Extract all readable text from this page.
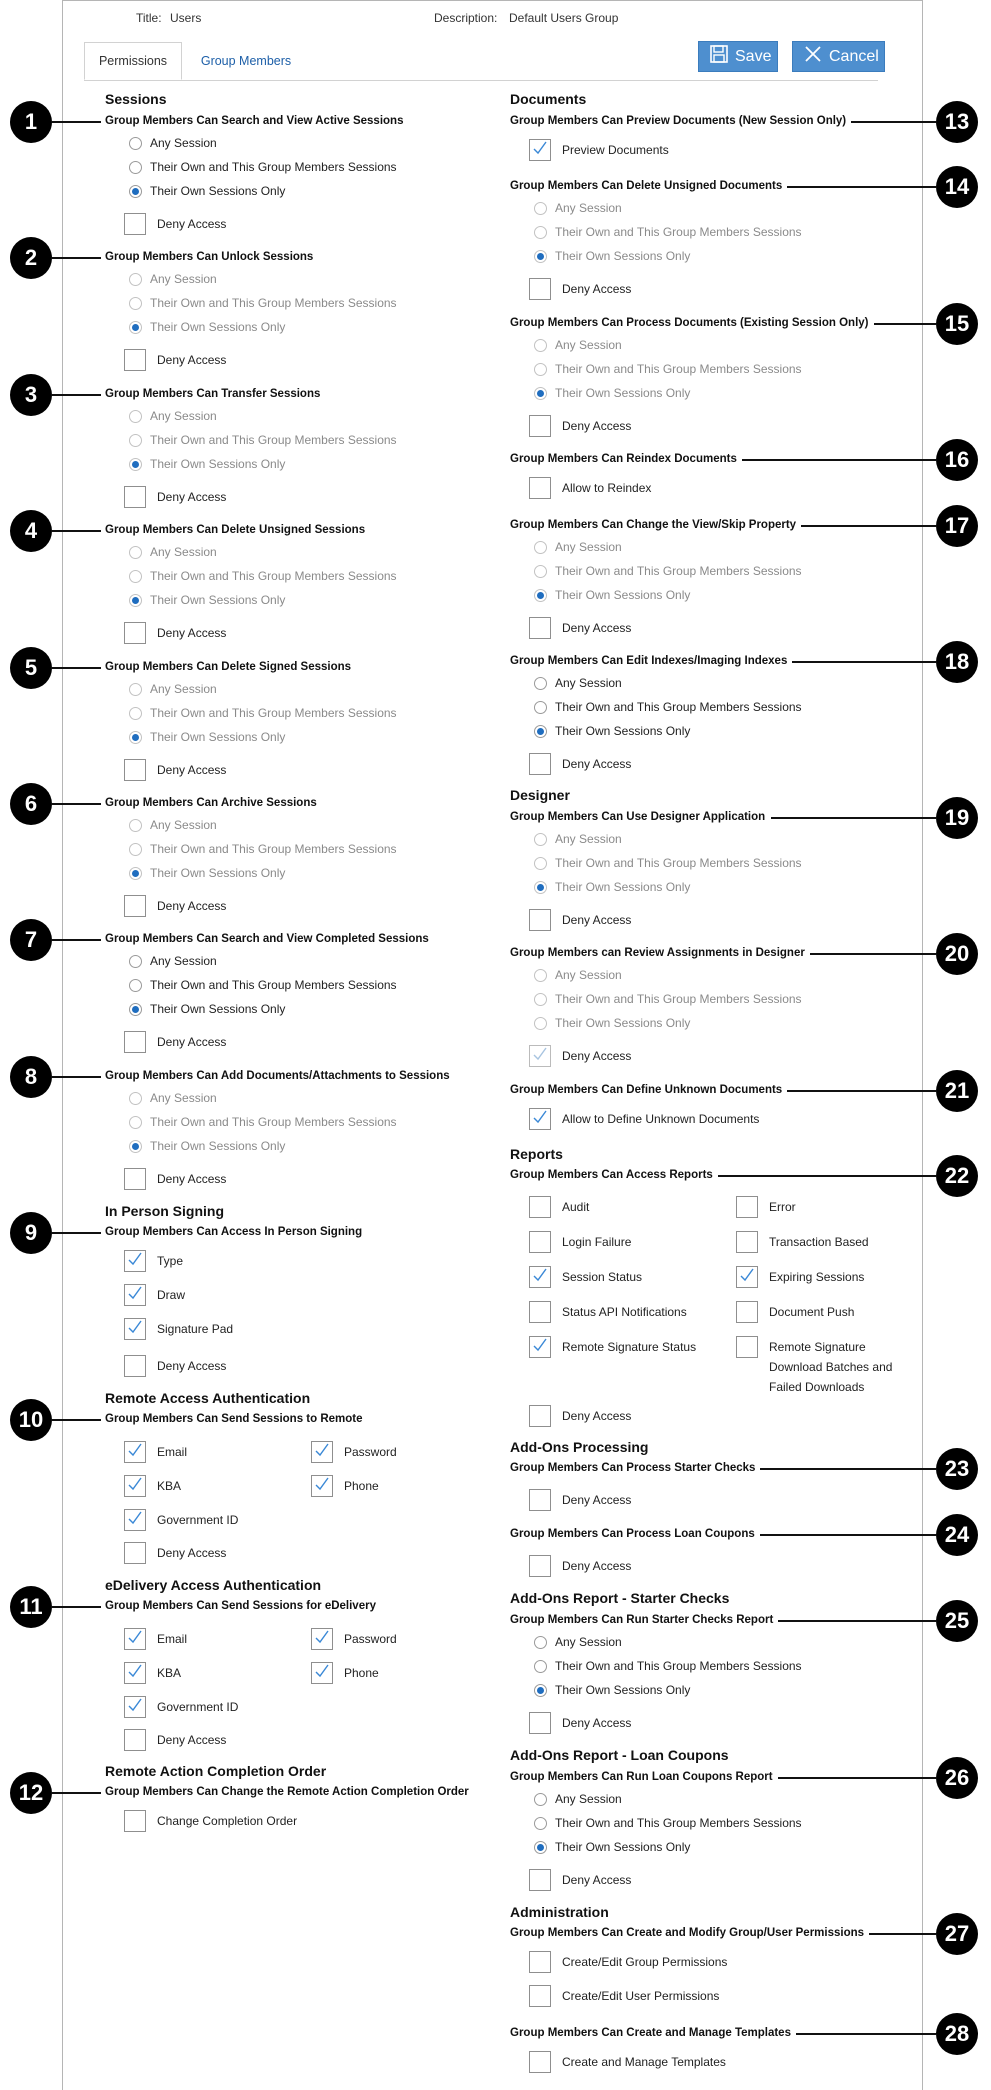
Title: Users	Description: Default Users Group
Permissions	Group Members	Save	Cancel
Sessions
In Person Signing
Remote Access Authentication
eDelivery Access Authentication
Remote Action Completion Order
Documents
Designer
Reports
Add-Ons Processing
Add-Ons Report - Starter Checks
Add-Ons Report - Loan Coupons
Administration
Group Members Can Search and View Active Sessions
1
Any Session
Their Own and This Group Members Sessions
Their Own Sessions Only
Deny Access
Group Members Can Unlock Sessions
2
Any Session
Their Own and This Group Members Sessions
Their Own Sessions Only
Deny Access
Group Members Can Transfer Sessions
3
Any Session
Their Own and This Group Members Sessions
Their Own Sessions Only
Deny Access
Group Members Can Delete Unsigned Sessions
4
Any Session
Their Own and This Group Members Sessions
Their Own Sessions Only
Deny Access
Group Members Can Delete Signed Sessions
5
Any Session
Their Own and This Group Members Sessions
Their Own Sessions Only
Deny Access
Group Members Can Archive Sessions
6
Any Session
Their Own and This Group Members Sessions
Their Own Sessions Only
Deny Access
Group Members Can Search and View Completed Sessions
7
Any Session
Their Own and This Group Members Sessions
Their Own Sessions Only
Deny Access
Group Members Can Add Documents/Attachments to Sessions
8
Any Session
Their Own and This Group Members Sessions
Their Own Sessions Only
Deny Access
Group Members Can Access In Person Signing
9
Type
Draw
Signature Pad
Deny Access
Group Members Can Send Sessions to Remote
10
Email	Password
KBA	Phone
Government ID
Deny Access
Group Members Can Send Sessions for eDelivery
11
Email	Password
KBA	Phone
Government ID
Deny Access
Group Members Can Change the Remote Action Completion Order
12
Change Completion Order
Group Members Can Preview Documents (New Session Only)	13
Preview Documents
Group Members Can Delete Unsigned Documents	14
Any Session
Their Own and This Group Members Sessions
Their Own Sessions Only
Deny Access
Group Members Can Process Documents (Existing Session Only)	15
Any Session
Their Own and This Group Members Sessions
Their Own Sessions Only
Deny Access
Group Members Can Reindex Documents	16
Allow to Reindex
Group Members Can Change the View/Skip Property	17
Any Session
Their Own and This Group Members Sessions
Their Own Sessions Only
Deny Access
Group Members Can Edit Indexes/Imaging Indexes	18
Any Session
Their Own and This Group Members Sessions
Their Own Sessions Only
Deny Access
Group Members Can Use Designer Application	19
Any Session
Their Own and This Group Members Sessions
Their Own Sessions Only
Deny Access
Group Members can Review Assignments in Designer	20
Any Session
Their Own and This Group Members Sessions
Their Own Sessions Only
Deny Access
Group Members Can Define Unknown Documents	21
Allow to Define Unknown Documents
Group Members Can Access Reports	22
Audit	Error
Login Failure	Transaction Based
Session Status	Expiring Sessions
Status API Notifications	Document Push
Remote Signature Status	Remote Signature Download Batches and Failed Downloads
Deny Access
Group Members Can Process Starter Checks	23
Deny Access
Group Members Can Process Loan Coupons	24
Deny Access
Group Members Can Run Starter Checks Report	25
Any Session
Their Own and This Group Members Sessions
Their Own Sessions Only
Deny Access
Group Members Can Run Loan Coupons Report	26
Any Session
Their Own and This Group Members Sessions
Their Own Sessions Only
Deny Access
Group Members Can Create and Modify Group/User Permissions	27
Create/Edit Group Permissions
Create/Edit User Permissions
Group Members Can Create and Manage Templates	28
Create and Manage Templates
